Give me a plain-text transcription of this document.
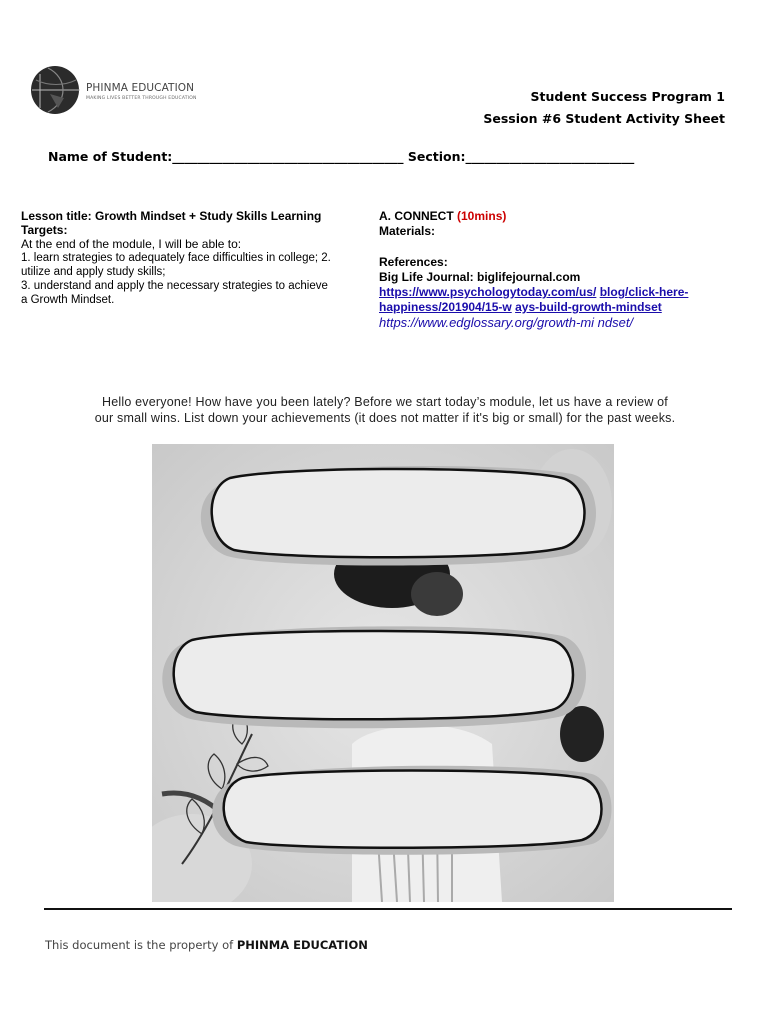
PHINMA EDUCATION
MAKING LIVES BETTER THROUGH EDUCATION	Student Success Program 1
Session #6 Student Activity Sheet
Name of Student:_____________________________________ Section:___________________________
Lesson title: Growth Mindset + Study Skills Learning
Targets:
At the end of the module, I will be able to:
1. learn strategies to adequately face difficulties in college; 2.
utilize and apply study skills;
3. understand and apply the necessary strategies to achieve
a Growth Mindset.
A. CONNECT (10mins)
Materials:
References:
Big Life Journal: biglifejournal.com
https://www.psychologytoday.com/us/ blog/click-here-
happiness/201904/15-w ays-build-growth-mindset
https://www.edglossary.org/growth-mi ndset/
Hello everyone! How have you been lately? Before we start today’s module, let us have a review of
our small wins. List down your achievements (it does not matter if it's big or small) for the past weeks.
This document is the property of PHINMA EDUCATION
